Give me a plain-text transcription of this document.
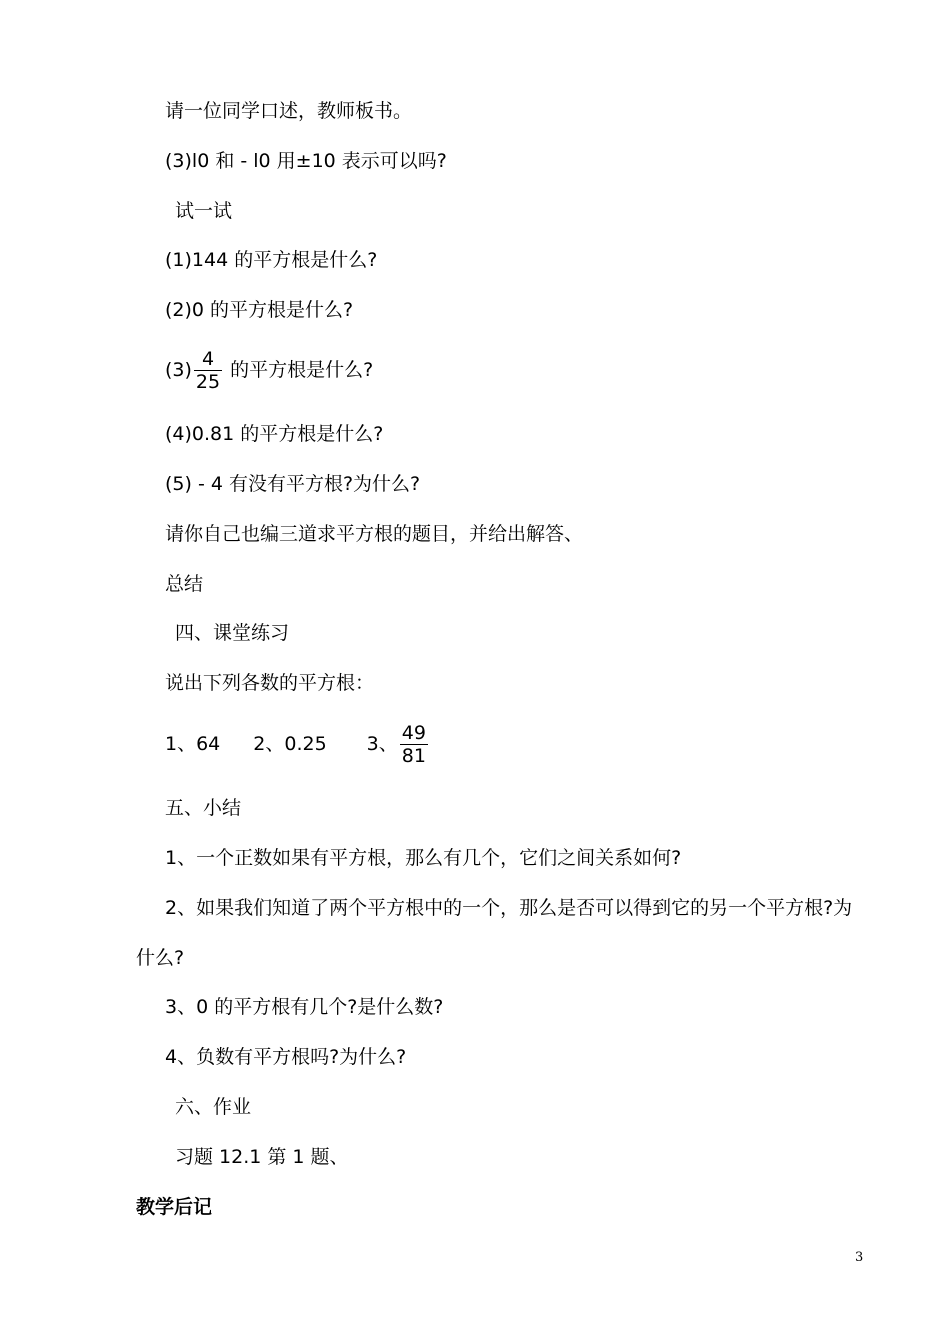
请一位同学口述，教师板书。
(3)l0 和 - l0 用±10 表示可以吗?
试一试
(1)144 的平方根是什么?
(2)0 的平方根是什么?
$(3) \frac{4}{25}$ 的平方根是什么?
(4)0.81 的平方根是什么?
(5) - 4 有没有平方根?为什么?
请你自己也编三道求平方根的题目，并给出解答、
总结
四、课堂练习
说出下列各数的平方根：
1、64 2、0.25 3、 $\frac{49}{81}$
五、小结
1、一个正数如果有平方根，那么有几个，它们之间关系如何?
2、如果我们知道了两个平方根中的一个，那么是否可以得到它的另一个平方根?为
什么?
3、0 的平方根有几个?是什么数?
4、负数有平方根吗?为什么?
六、作业
习题 12.1 第 1 题、
教学后记
3
